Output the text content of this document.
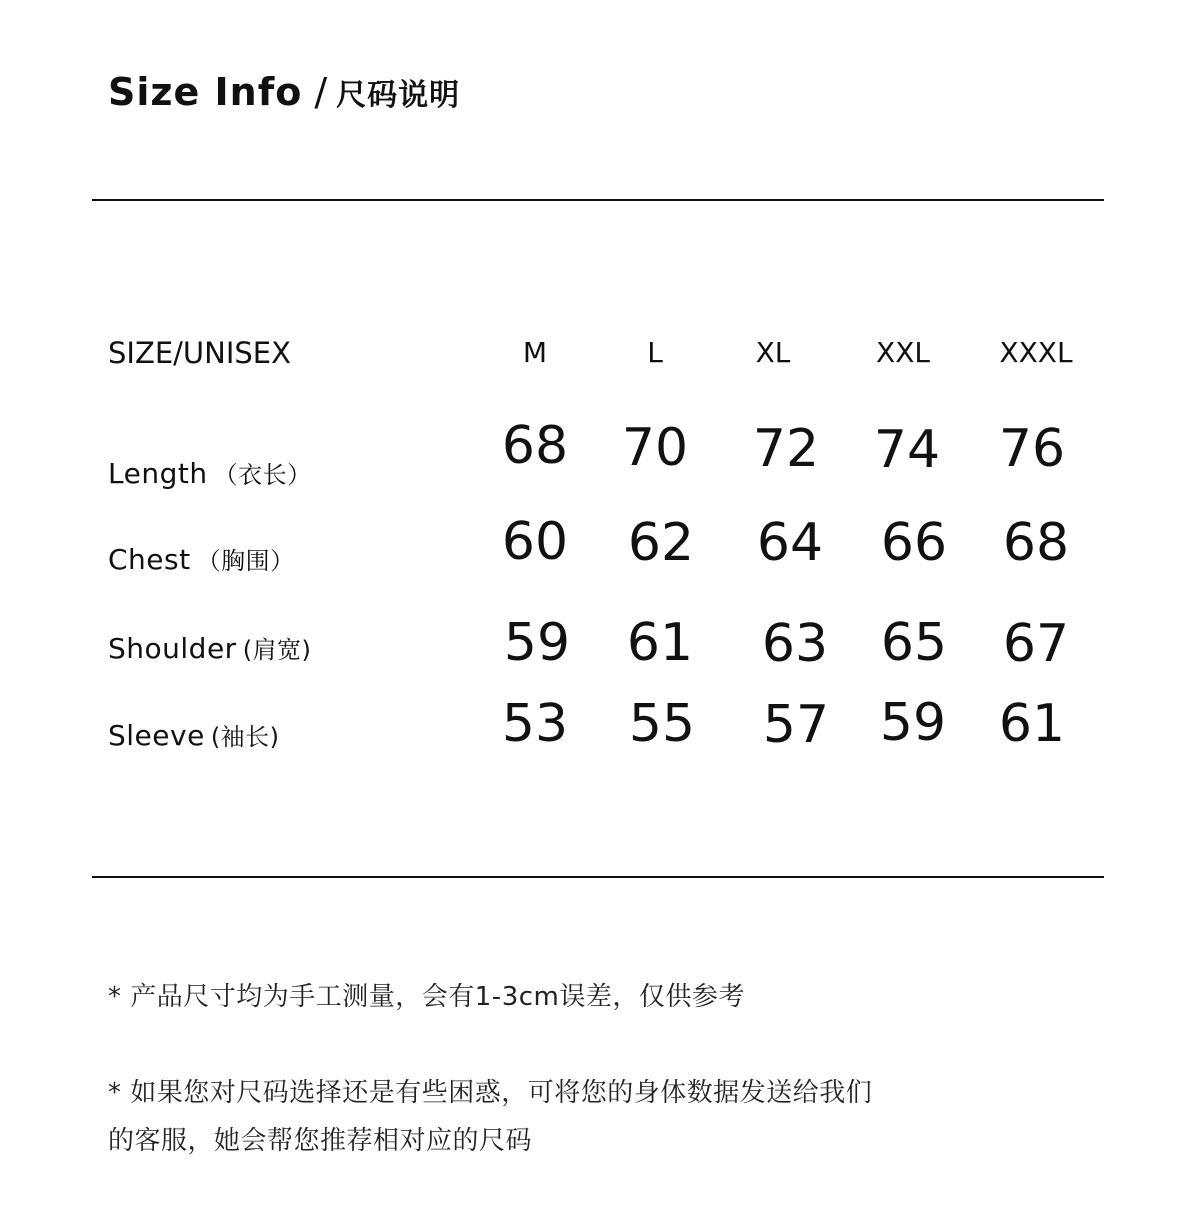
Size Info / 尺码说明
SIZE/UNISEX	M	L	XL	XXL	XXXL
Length （衣长）	68	70	72	74	76
Chest （胸围）	60	62	64	66	68
Shoulder (肩宽)	59	61	63	65	67
Sleeve (袖长)	53	55	57 59	61
* 产品尺寸均为手工测量，会有1-3cm误差，仅供参考
* 如果您对尺码选择还是有些困惑，可将您的身体数据发送给我们
的客服，她会帮您推荐相对应的尺码
